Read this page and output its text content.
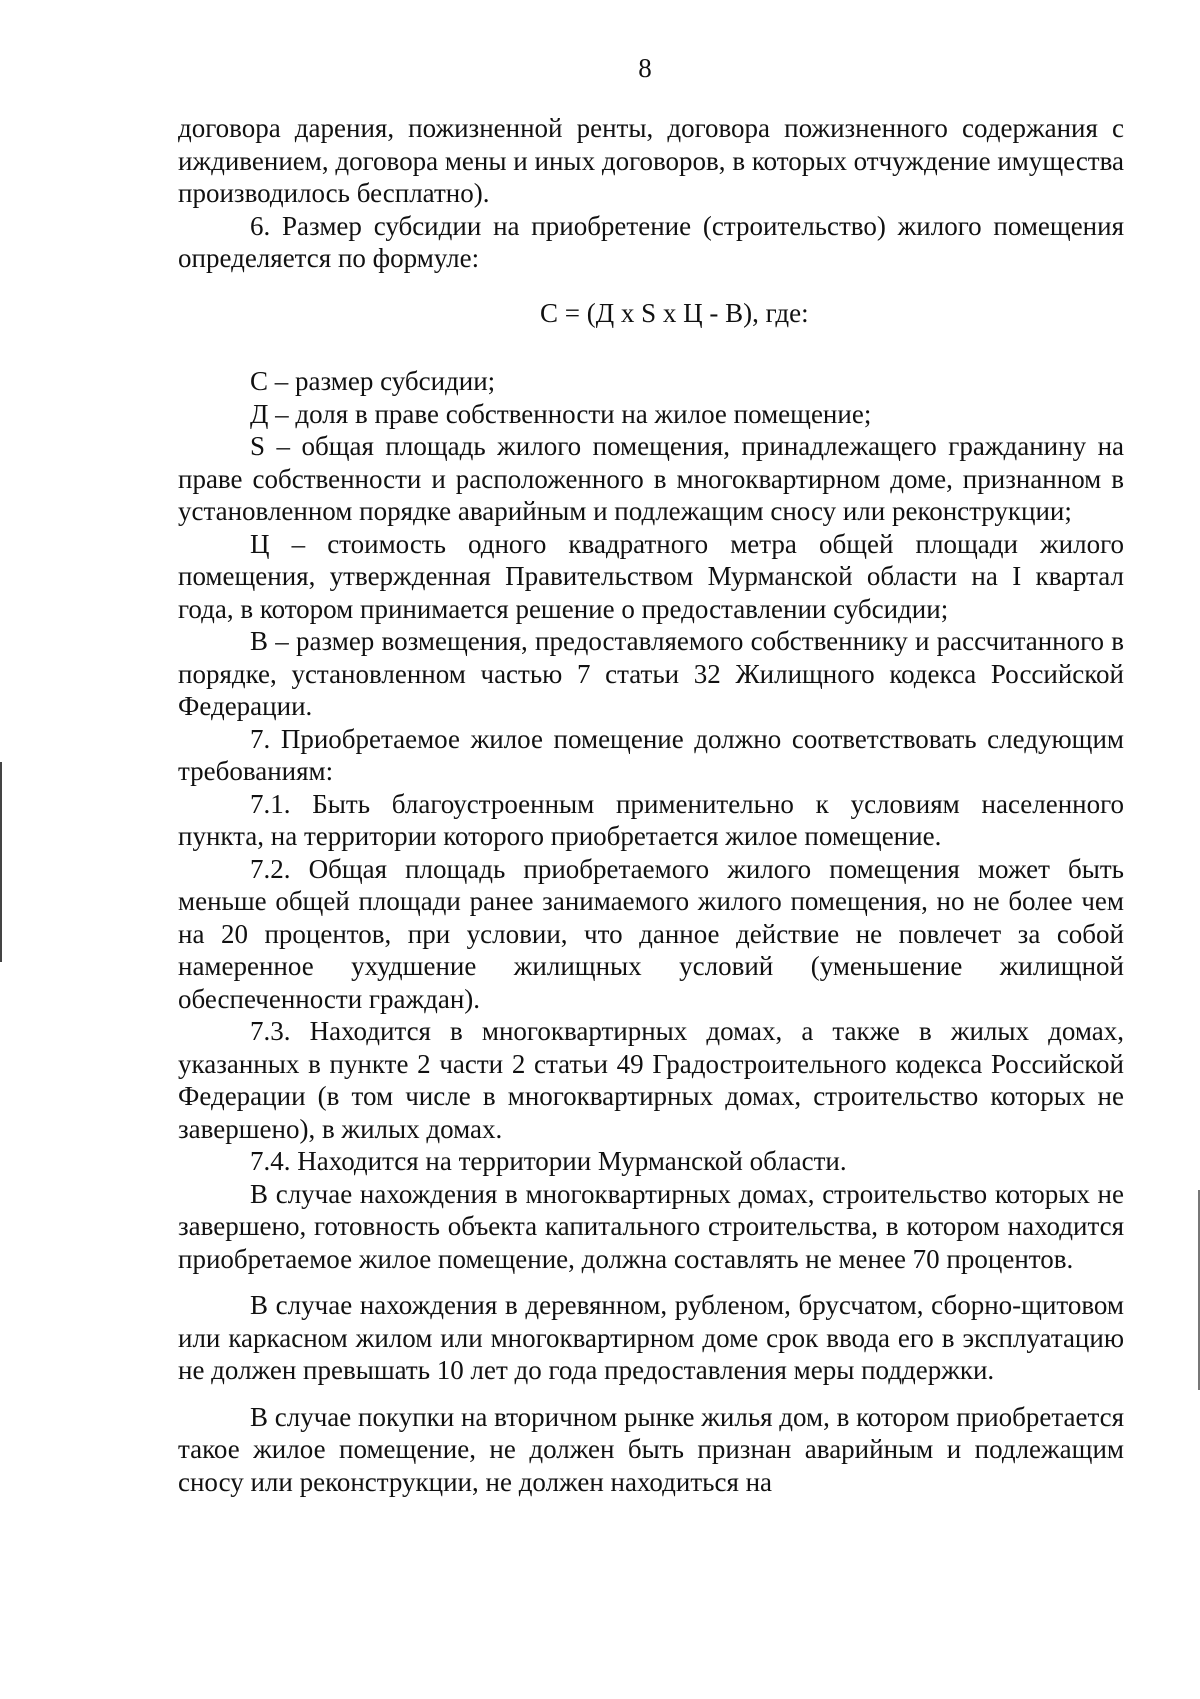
8

договора дарения, пожизненной ренты, договора пожизненного содержания с иждивением, договора мены и иных договоров, в которых отчуждение имущества производилось бесплатно).

6. Размер субсидии на приобретение (строительство) жилого помещения определяется по формуле:

С = (Д х S х Ц - В), где:

С – размер субсидии;

Д – доля в праве собственности на жилое помещение;

S – общая площадь жилого помещения, принадлежащего гражданину на праве собственности и расположенного в многоквартирном доме, признанном в установленном порядке аварийным и подлежащим сносу или реконструкции;

Ц – стоимость одного квадратного метра общей площади жилого помещения, утвержденная Правительством Мурманской области на I квартал года, в котором принимается решение о предоставлении субсидии;

В – размер возмещения, предоставляемого собственнику и рассчитанного в порядке, установленном частью 7 статьи 32 Жилищного кодекса Российской Федерации.

7. Приобретаемое жилое помещение должно соответствовать следующим требованиям:

7.1. Быть благоустроенным применительно к условиям населенного пункта, на территории которого приобретается жилое помещение.

7.2. Общая площадь приобретаемого жилого помещения может быть меньше общей площади ранее занимаемого жилого помещения, но не более чем на 20 процентов, при условии, что данное действие не повлечет за собой намеренное ухудшение жилищных условий (уменьшение жилищной обеспеченности граждан).

7.3. Находится в многоквартирных домах, а также в жилых домах, указанных в пункте 2 части 2 статьи 49 Градостроительного кодекса Российской Федерации (в том числе в многоквартирных домах, строительство которых не завершено), в жилых домах.

7.4. Находится на территории Мурманской области.

В случае нахождения в многоквартирных домах, строительство которых не завершено, готовность объекта капитального строительства, в котором находится приобретаемое жилое помещение, должна составлять не менее 70 процентов.

В случае нахождения в деревянном, рубленом, брусчатом, сборно-щитовом или каркасном жилом или многоквартирном доме срок ввода его в эксплуатацию не должен превышать 10 лет до года предоставления меры поддержки.

В случае покупки на вторичном рынке жилья дом, в котором приобретается такое жилое помещение, не должен быть признан аварийным и подлежащим сносу или реконструкции, не должен находиться на
